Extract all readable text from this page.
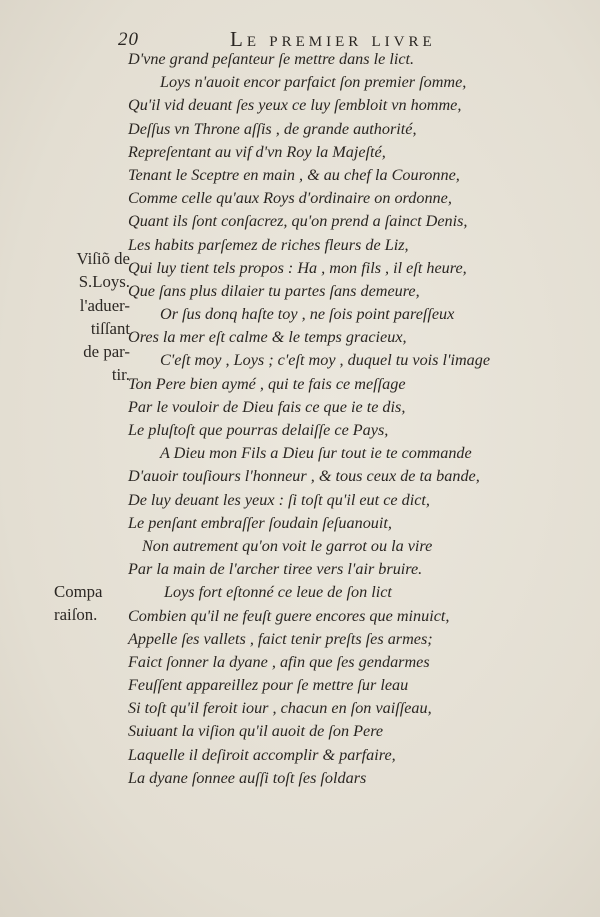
20	Le premier livre
Viſiõ de
S.Loys.
l'aduer-
tiſſant
de par-
tir.
Compa
raiſon.
D'vne grand peſanteur ſe mettre dans le lict.
Loys n'auoit encor parfaict ſon premier ſomme,
Qu'il vid deuant ſes yeux ce luy ſembloit vn homme,
Deſſus vn Throne aſſis , de grande authorité,
Repreſentant au vif d'vn Roy la Majeſté,
Tenant le Sceptre en main , & au chef la Couronne,
Comme celle qu'aux Roys d'ordinaire on ordonne,
Quant ils ſont conſacrez, qu'on prend a ſainct Denis,
Les habits parſemez de riches fleurs de Liz,
Qui luy tient tels propos : Ha , mon fils , il eſt heure,
Que ſans plus dilaier tu partes ſans demeure,
Or ſus donq haſte toy , ne ſois point pareſſeux
Ores la mer eſt calme & le temps gracieux,
C'eſt moy , Loys ; c'eſt moy , duquel tu vois l'image
Ton Pere bien aymé , qui te fais ce meſſage
Par le vouloir de Dieu fais ce que ie te dis,
Le pluſtoſt que pourras delaiſſe ce Pays,
A Dieu mon Fils a Dieu ſur tout ie te commande
D'auoir touſiours l'honneur , & tous ceux de ta bande,
De luy deuant les yeux : ſi toſt qu'il eut ce dict,
Le penſant embraſſer ſoudain ſeſuanouit,
Non autrement qu'on voit le garrot ou la vire
Par la main de l'archer tiree vers l'air bruire.
Loys fort eſtonné ce leue de ſon lict
Combien qu'il ne feuſt guere encores que minuict,
Appelle ſes vallets , faict tenir preſts ſes armes;
Faict ſonner la dyane , afin que ſes gendarmes
Feuſſent appareillez pour ſe mettre ſur leau
Si toſt qu'il feroit iour , chacun en ſon vaiſſeau,
Suiuant la viſion qu'il auoit de ſon Pere
Laquelle il deſiroit accomplir & parfaire,
La dyane ſonnee auſſi toſt ſes ſoldars
